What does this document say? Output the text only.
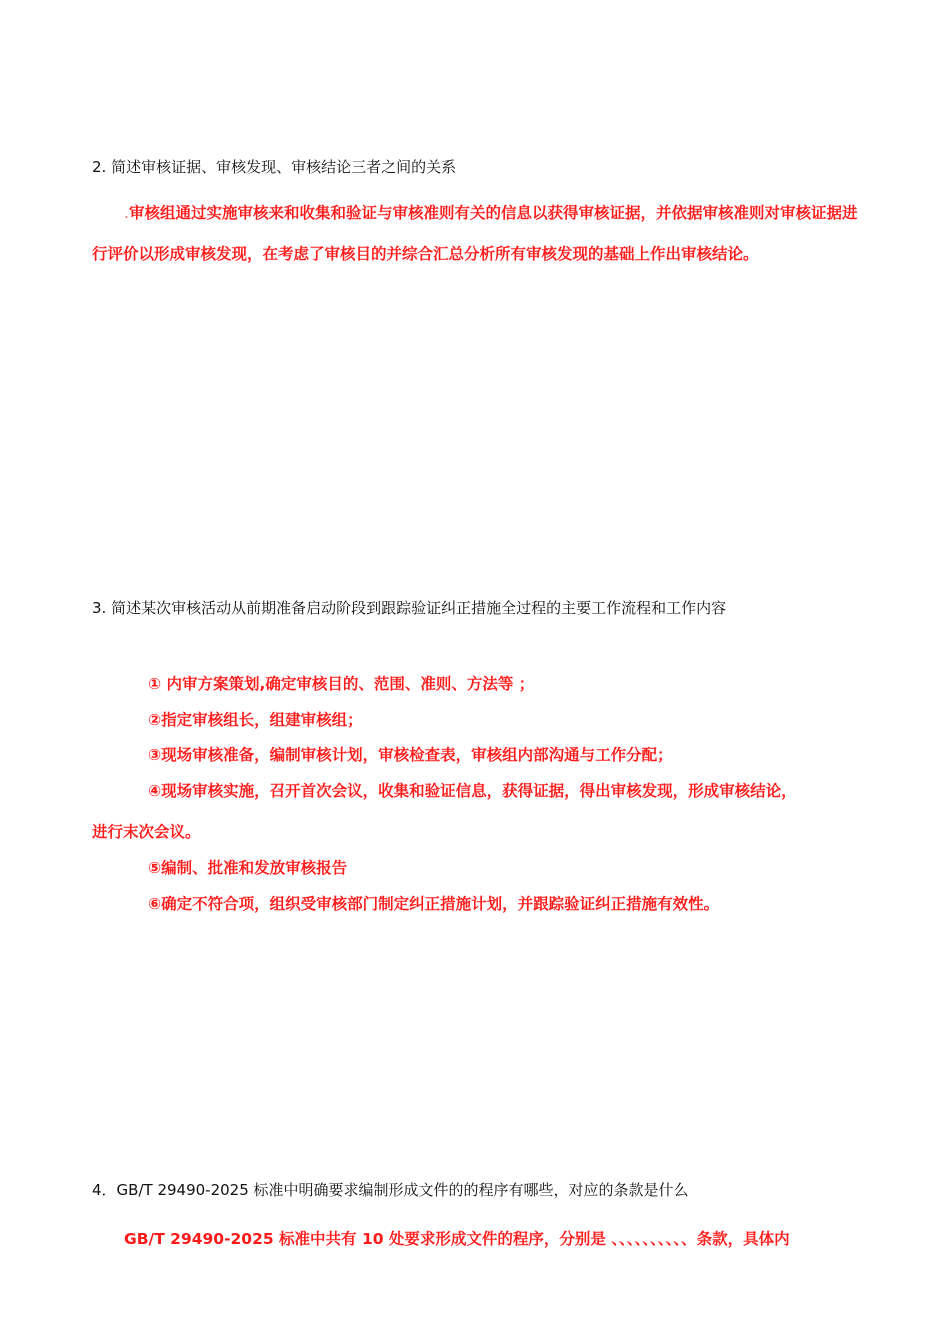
2. 简述审核证据、审核发现、审核结论三者之间的关系
.审核组通过实施审核来和收集和验证与审核准则有关的信息以获得审核证据，并依据审核准则对审核证据进行评价以形成审核发现，在考虑了审核目的并综合汇总分析所有审核发现的基础上作出审核结论。
3. 简述某次审核活动从前期准备启动阶段到跟踪验证纠正措施全过程的主要工作流程和工作内容
① 内审方案策划,确定审核目的、范围、准则、方法等 ；
②指定审核组长，组建审核组；
③现场审核准备，编制审核计划，审核检查表，审核组内部沟通与工作分配；
④现场审核实施，召开首次会议，收集和验证信息，获得证据，得出审核发现，形成审核结论，
进行末次会议。
⑤编制、批准和发放审核报告
⑥确定不符合项，组织受审核部门制定纠正措施计划，并跟踪验证纠正措施有效性。
4．GB/T 29490-2025 标准中明确要求编制形成文件的的程序有哪些，对应的条款是什么
GB/T 29490-2025 标准中共有 10 处要求形成文件的程序，分别是 、、、、、、、、、、条款，具体内
